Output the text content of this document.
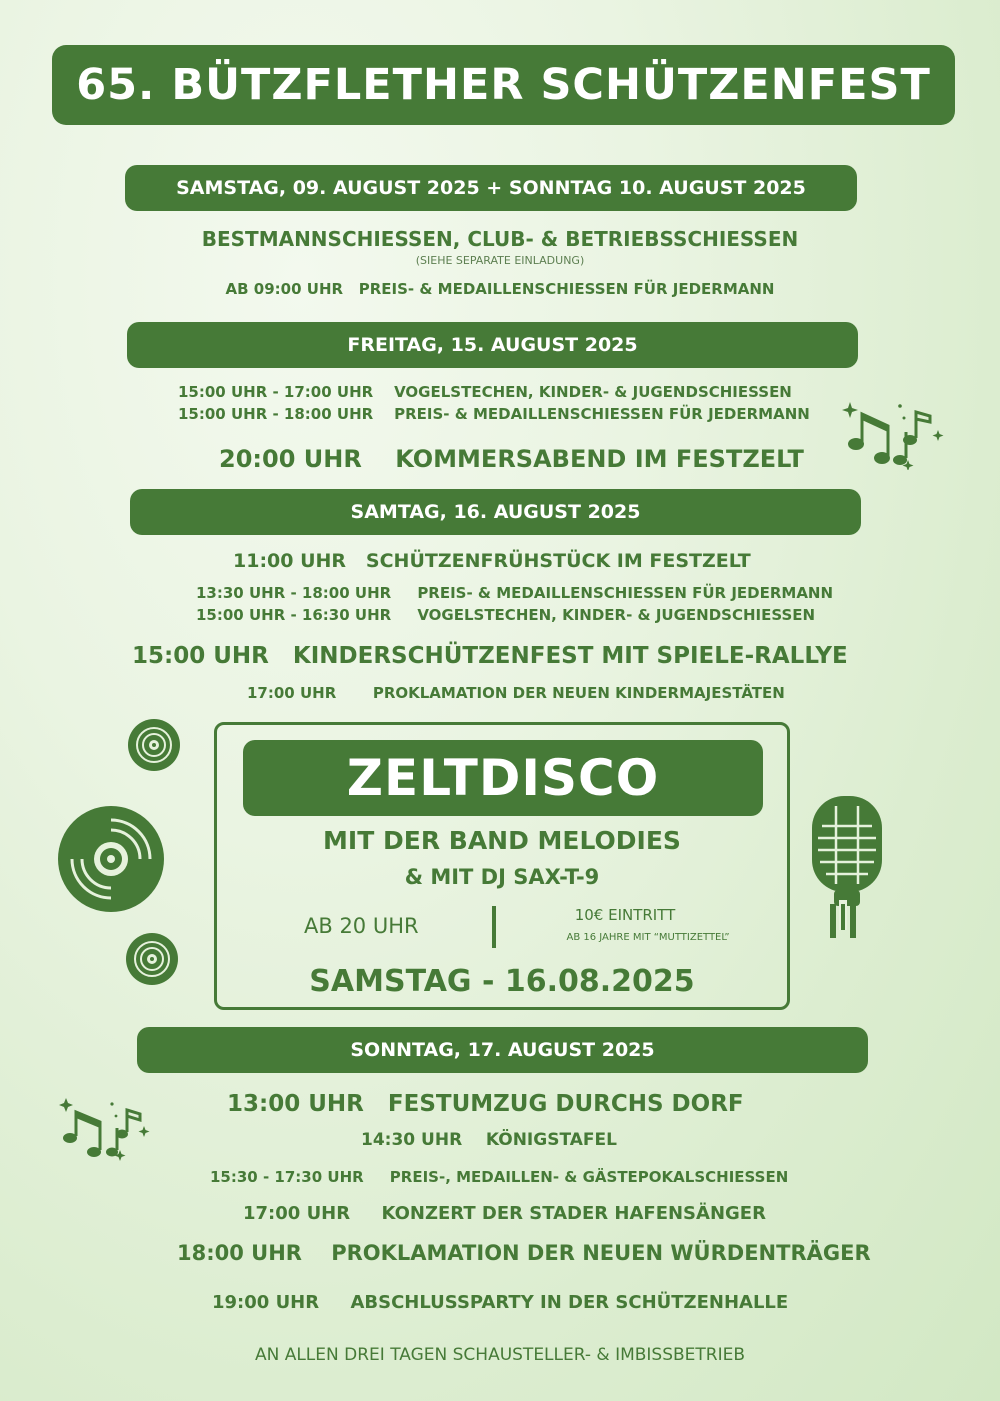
65. BÜTZFLETHER SCHÜTZENFEST
SAMSTAG, 09. AUGUST 2025 + SONNTAG 10. AUGUST 2025
BESTMANNSCHIESSEN, CLUB- & BETRIEBSSCHIESSEN
(SIEHE SEPARATE EINLADUNG)
AB 09:00 UHR PREIS- & MEDAILLENSCHIESSEN FÜR JEDERMANN
FREITAG, 15. AUGUST 2025
15:00 UHR - 17:00 UHR VOGELSTECHEN, KINDER- & JUGENDSCHIESSEN
15:00 UHR - 18:00 UHR PREIS- & MEDAILLENSCHIESSEN FÜR JEDERMANN
20:00 UHR KOMMERSABEND IM FESTZELT
SAMTAG, 16. AUGUST 2025
11:00 UHR SCHÜTZENFRÜHSTÜCK IM FESTZELT
13:30 UHR - 18:00 UHR PREIS- & MEDAILLENSCHIESSEN FÜR JEDERMANN
15:00 UHR - 16:30 UHR VOGELSTECHEN, KINDER- & JUGENDSCHIESSEN
15:00 UHR KINDERSCHÜTZENFEST MIT SPIELE-RALLYE
17:00 UHR PROKLAMATION DER NEUEN KINDERMAJESTÄTEN
ZELTDISCO
MIT DER BAND MELODIES
& MIT DJ SAX-T-9
AB 20 UHR	10€ EINTRITT
AB 16 JAHRE MIT “MUTTIZETTEL”
SAMSTAG - 16.08.2025
SONNTAG, 17. AUGUST 2025
13:00 UHR FESTUMZUG DURCHS DORF
14:30 UHR KÖNIGSTAFEL
15:30 - 17:30 UHR PREIS-, MEDAILLEN- & GÄSTEPOKALSCHIESSEN
17:00 UHR KONZERT DER STADER HAFENSÄNGER
18:00 UHR PROKLAMATION DER NEUEN WÜRDENTRÄGER
19:00 UHR ABSCHLUSSPARTY IN DER SCHÜTZENHALLE
AN ALLEN DREI TAGEN SCHAUSTELLER- & IMBISSBETRIEB
